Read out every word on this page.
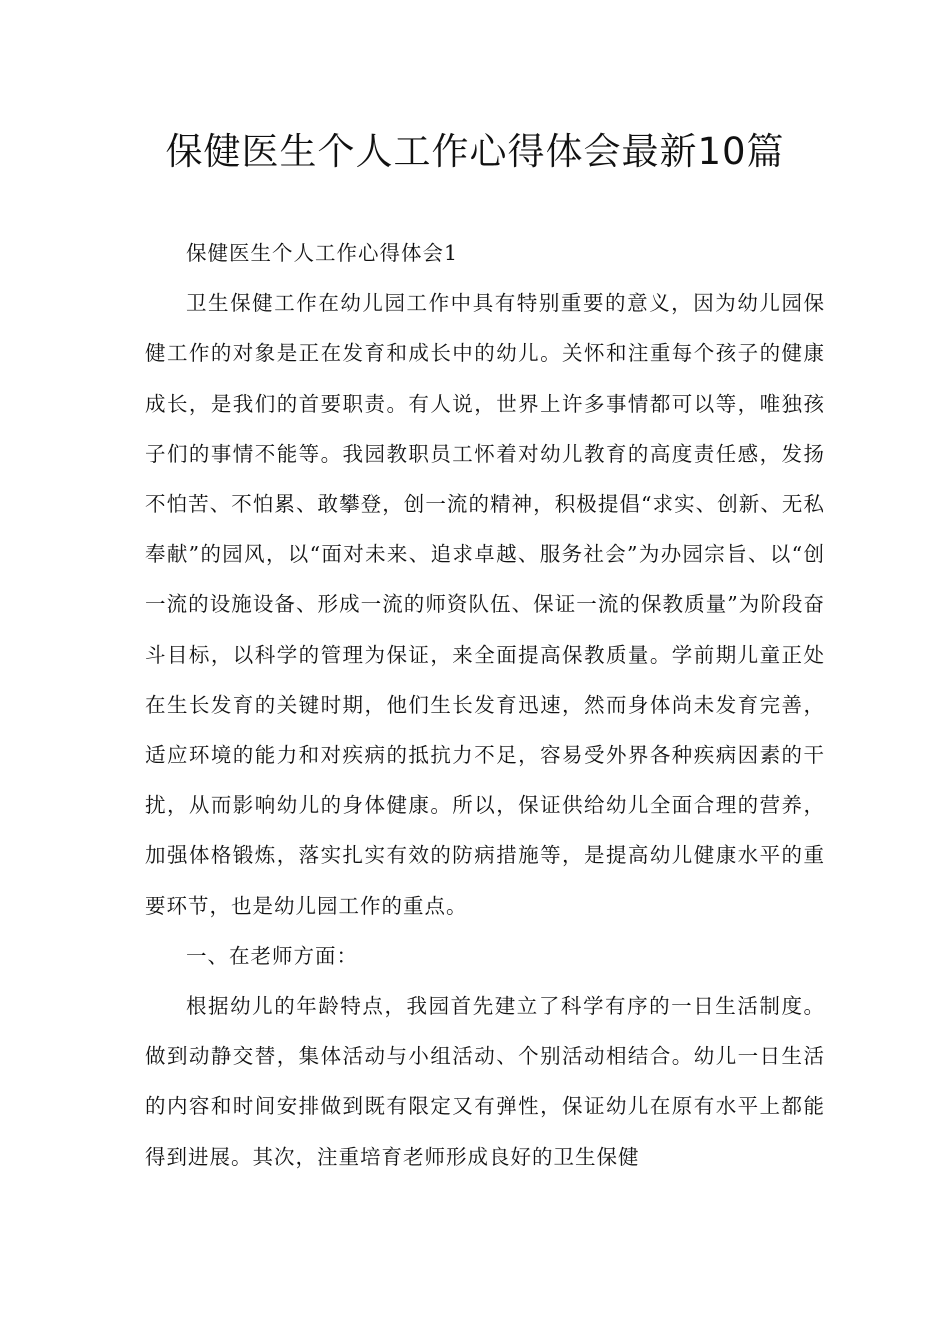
保健医生个人工作心得体会最新10篇

保健医生个人工作心得体会1

卫生保健工作在幼儿园工作中具有特别重要的意义，因为幼儿园保健工作的对象是正在发育和成长中的幼儿。关怀和注重每个孩子的健康成长，是我们的首要职责。有人说，世界上许多事情都可以等，唯独孩子们的事情不能等。我园教职员工怀着对幼儿教育的高度责任感，发扬不怕苦、不怕累、敢攀登，创一流的精神，积极提倡“求实、创新、无私奉献”的园风，以“面对未来、追求卓越、服务社会”为办园宗旨、以“创一流的设施设备、形成一流的师资队伍、保证一流的保教质量”为阶段奋斗目标，以科学的管理为保证，来全面提高保教质量。学前期儿童正处在生长发育的关键时期，他们生长发育迅速，然而身体尚未发育完善，适应环境的能力和对疾病的抵抗力不足，容易受外界各种疾病因素的干扰，从而影响幼儿的身体健康。所以，保证供给幼儿全面合理的营养，加强体格锻炼，落实扎实有效的防病措施等，是提高幼儿健康水平的重要环节，也是幼儿园工作的重点。

一、在老师方面：

根据幼儿的年龄特点，我园首先建立了科学有序的一日生活制度。做到动静交替，集体活动与小组活动、个别活动相结合。幼儿一日生活的内容和时间安排做到既有限定又有弹性，保证幼儿在原有水平上都能得到进展。其次，注重培育老师形成良好的卫生保健
